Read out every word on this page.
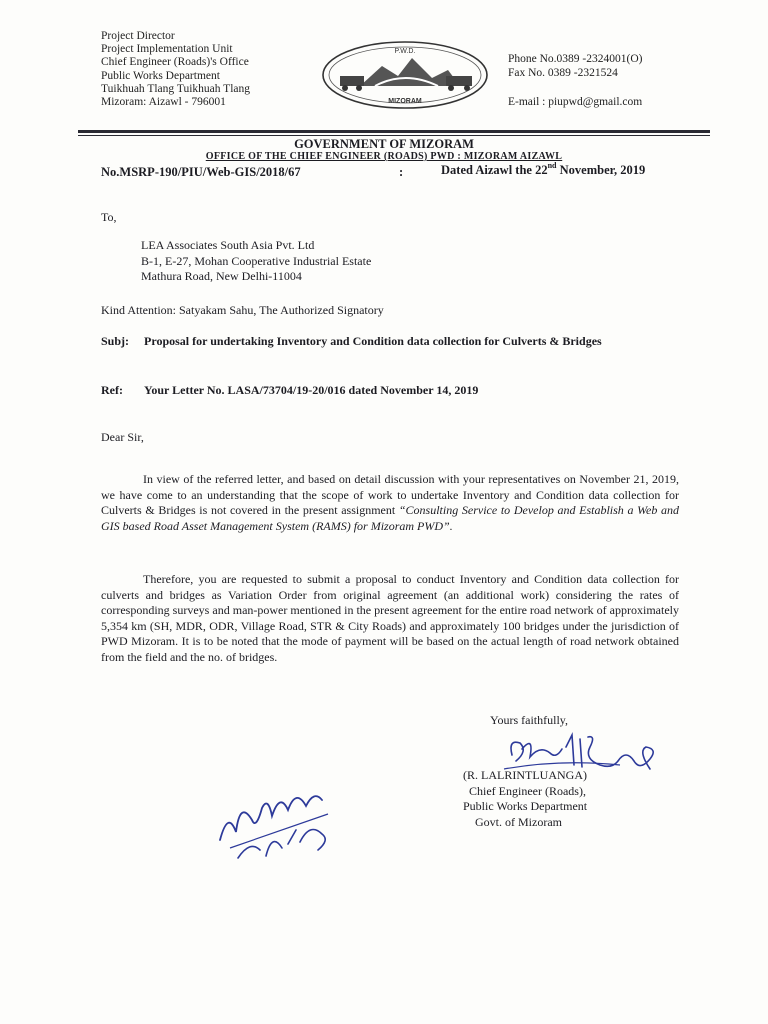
Project Director
Project Implementation Unit
Chief Engineer (Roads)'s Office
Public Works Department
Tuikhuah Tlang Tuikhuah Tlang
Mizoram: Aizawl - 796001
P.W.D.
MIZORAM
Phone No.0389 -2324001(O)
Fax No. 0389 -2321524
E-mail : piupwd@gmail.com
GOVERNMENT OF MIZORAM
OFFICE OF THE CHIEF ENGINEER (ROADS) PWD : MIZORAM AIZAWL
No.MSRP-190/PIU/Web-GIS/2018/67	:	Dated Aizawl the 22nd November, 2019
To,
LEA Associates South Asia Pvt. Ltd
B-1, E-27, Mohan Cooperative Industrial Estate
Mathura Road, New Delhi-11004
Kind Attention: Satyakam Sahu, The Authorized Signatory
Subj: Proposal for undertaking Inventory and Condition data collection for Culverts & Bridges
Ref: Your Letter No. LASA/73704/19-20/016 dated November 14, 2019
Dear Sir,
In view of the referred letter, and based on detail discussion with your representatives on November 21, 2019, we have come to an understanding that the scope of work to undertake Inventory and Condition data collection for Culverts & Bridges is not covered in the present assignment “Consulting Service to Develop and Establish a Web and GIS based Road Asset Management System (RAMS) for Mizoram PWD”.
Therefore, you are requested to submit a proposal to conduct Inventory and Condition data collection for culverts and bridges as Variation Order from original agreement (an additional work) considering the rates of corresponding surveys and man-power mentioned in the present agreement for the entire road network of approximately 5,354 km (SH, MDR, ODR, Village Road, STR & City Roads) and approximately 100 bridges under the jurisdiction of PWD Mizoram. It is to be noted that the mode of payment will be based on the actual length of road network obtained from the field and the no. of bridges.
Yours faithfully,
(R. LALRINTLUANGA)
Chief Engineer (Roads),
Public Works Department
Govt. of Mizoram
